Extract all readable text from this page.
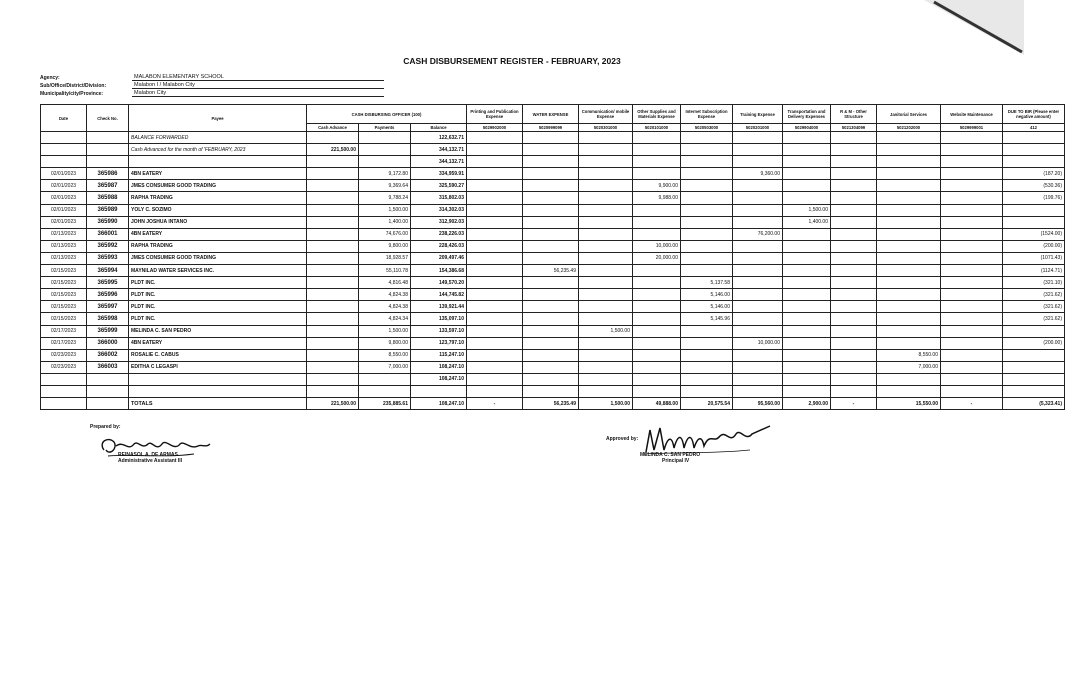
CASH DISBURSEMENT REGISTER - FEBRUARY, 2023
Agency:	MALABON ELEMENTARY SCHOOL
Sub/Office/District/Division:	Malabon I / Malabon City
Municipality/city/Province:	Malabon City
Date	Check No.	Payee	CASH DISBURSING OFFICER (100)			Printing and Publication Expense	WATER EXPENSE	Communication/ mobile Expense	Other Supplies and Materials Expense	Internet Subscription Expense	Training Expense	Transportation and Delivery Expenses	R & M - Other Structure	Janitorial Services	Website Maintenance	DUE TO BIR (Please enter negative amount)
			Cash Advance	Payments	Balance	5029902000	5020999099	5020301000	5020101000	5020503000	5020201000	5029904000	5021304099	5021202000	5029999001	412

		BALANCE FORWARDED			122,632.71											
		Cash Advanced for the month of 'FEBRUARY, 2023	221,500.00		344,132.71											
					344,132.71											
02/01/2023	365986	4BN EATERY		9,172.80	334,959.91						9,360.00					(187.20)
02/01/2023	365987	JMES CONSUMER GOOD TRADING		9,369.64	325,590.27				9,900.00							(530.36)
02/01/2023	365988	RAPHA TRADING		9,788.24	315,802.03				9,988.00							(199.76)
02/01/2023	365989	YOLY C. SOZIMO		1,500.00	314,302.03							1,500.00				
02/01/2023	365990	JOHN JOSHUA INTANO		1,400.00	312,902.03							1,400.00				
02/13/2023	366001	4BN EATERY		74,676.00	238,226.03						76,200.00					(1524.00)
02/13/2023	365992	RAPHA TRADING		9,800.00	228,426.03				10,000.00							(200.00)
02/13/2023	365993	JMES CONSUMER GOOD TRADING		18,928.57	209,497.46				20,000.00							(1071.43)
02/15/2023	365994	MAYNILAD WATER SERVICES INC.		55,110.78	154,386.68		56,235.49									(1124.71)
02/15/2023	365995	PLDT INC.		4,816.48	149,570.20					5,137.58						(321.10)
02/15/2023	365996	PLDT INC.		4,824.38	144,745.82					5,146.00						(321.62)
02/15/2023	365997	PLDT INC.		4,824.38	139,921.44					5,146.00						(321.62)
02/15/2023	365998	PLDT INC.		4,824.34	135,097.10					5,145.96						(321.62)
02/17/2023	365999	MELINDA C. SAN PEDRO		1,500.00	133,597.10			1,500.00								
02/17/2023	366000	4BN EATERY		9,800.00	123,797.10						10,000.00					(200.00)
02/23/2023	366002	ROSALIE C. CABUS		8,550.00	115,247.10									8,550.00		
02/23/2023	366003	EDITHA C LEGASPI		7,000.00	108,247.10									7,000.00		
					108,247.10											

		TOTALS	221,500.00	235,885.61	108,247.10	-	56,235.49	1,500.00	49,888.00	20,575.54	95,560.00	2,900.00	-	15,550.00	-	(5,323.41)
Prepared by:
REINASOL A. DE ARMAS
Administrative Assistant III
Approved by:
MELINDA C. SAN PEDRO
Principal IV
